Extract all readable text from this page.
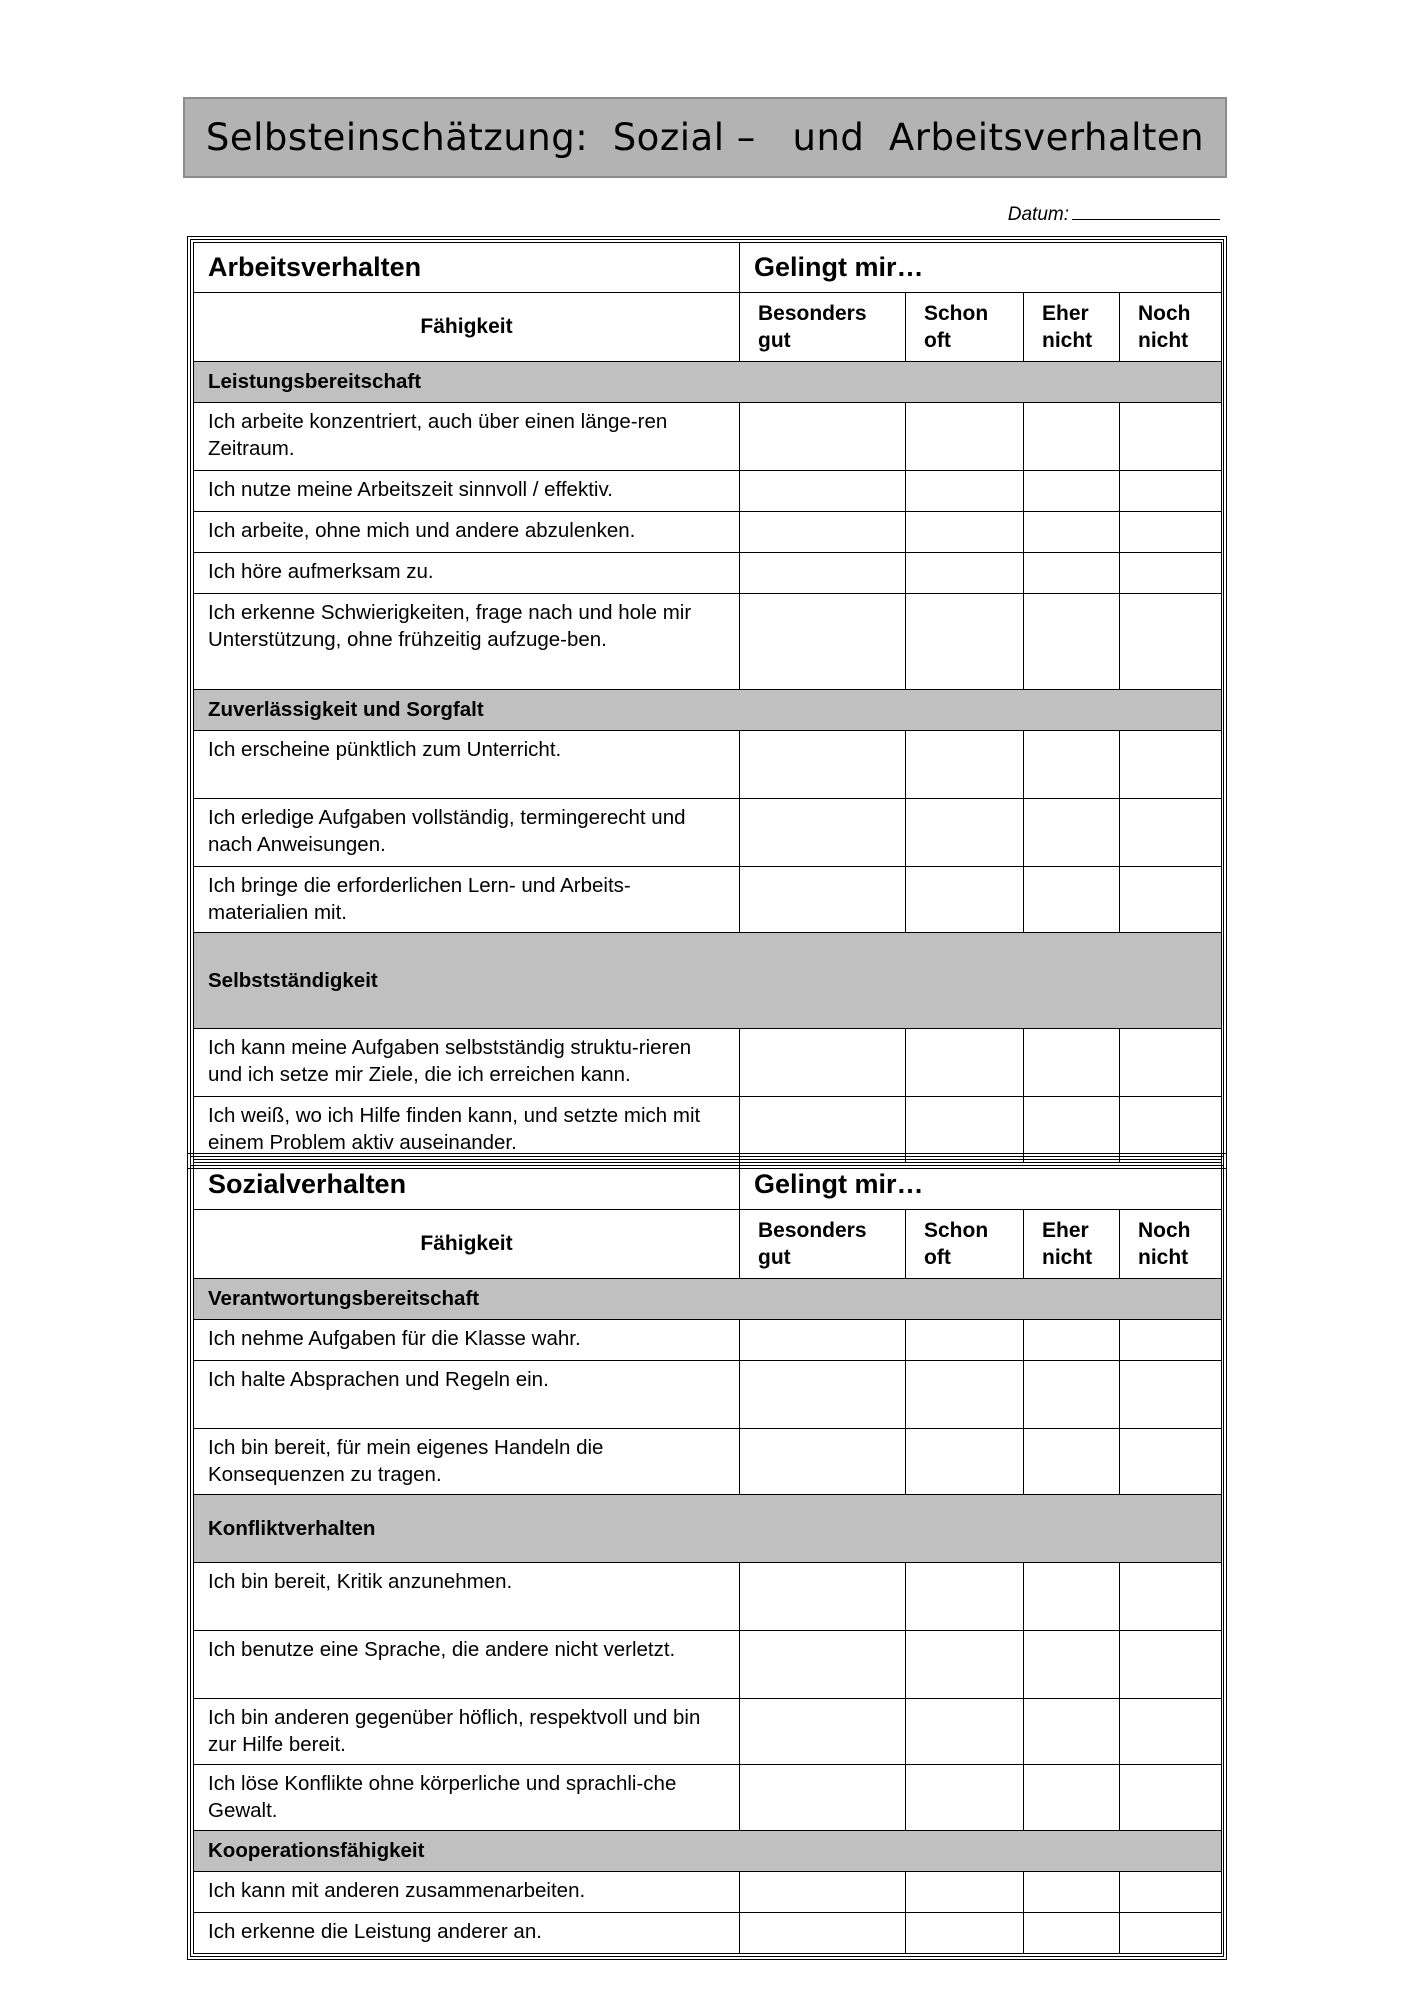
Selbsteinschätzung:  Sozial –   und  Arbeitsverhalten
Datum:
Arbeitsverhalten	Gelingt mir…			
Fähigkeit	Besonders gut	Schon oft	Eher nicht	Noch nicht
Leistungsbereitschaft				
Ich arbeite konzentriert, auch über einen länge-ren Zeitraum.				
Ich nutze meine Arbeitszeit sinnvoll / effektiv.				
Ich arbeite, ohne mich und andere abzulenken.				
Ich höre aufmerksam zu.				
Ich erkenne Schwierigkeiten, frage nach und hole mir Unterstützung, ohne frühzeitig aufzuge-ben.				
Zuverlässigkeit und Sorgfalt				
Ich erscheine pünktlich zum Unterricht.				
Ich erledige Aufgaben vollständig, termingerecht und nach Anweisungen.				
Ich bringe die erforderlichen Lern- und Arbeits-materialien mit.				
Selbstständigkeit				
Ich kann meine Aufgaben selbstständig struktu-rieren und ich setze mir Ziele, die ich erreichen kann.				
Ich weiß, wo ich Hilfe finden kann, und setzte mich mit einem Problem aktiv auseinander.				
Sozialverhalten	Gelingt mir…			
Fähigkeit	Besonders gut	Schon oft	Eher nicht	Noch nicht
Verantwortungsbereitschaft				
Ich nehme Aufgaben für die Klasse wahr.				
Ich halte Absprachen und Regeln ein.				
Ich bin bereit, für mein eigenes Handeln die Konsequenzen zu tragen.				
Konfliktverhalten				
Ich bin bereit, Kritik anzunehmen.				
Ich benutze eine Sprache, die andere nicht verletzt.				
Ich bin anderen gegenüber höflich, respektvoll und bin zur Hilfe bereit.				
Ich löse Konflikte ohne körperliche und sprachli-che Gewalt.				
Kooperationsfähigkeit				
Ich kann mit anderen zusammenarbeiten.				
Ich erkenne die Leistung anderer an.				
